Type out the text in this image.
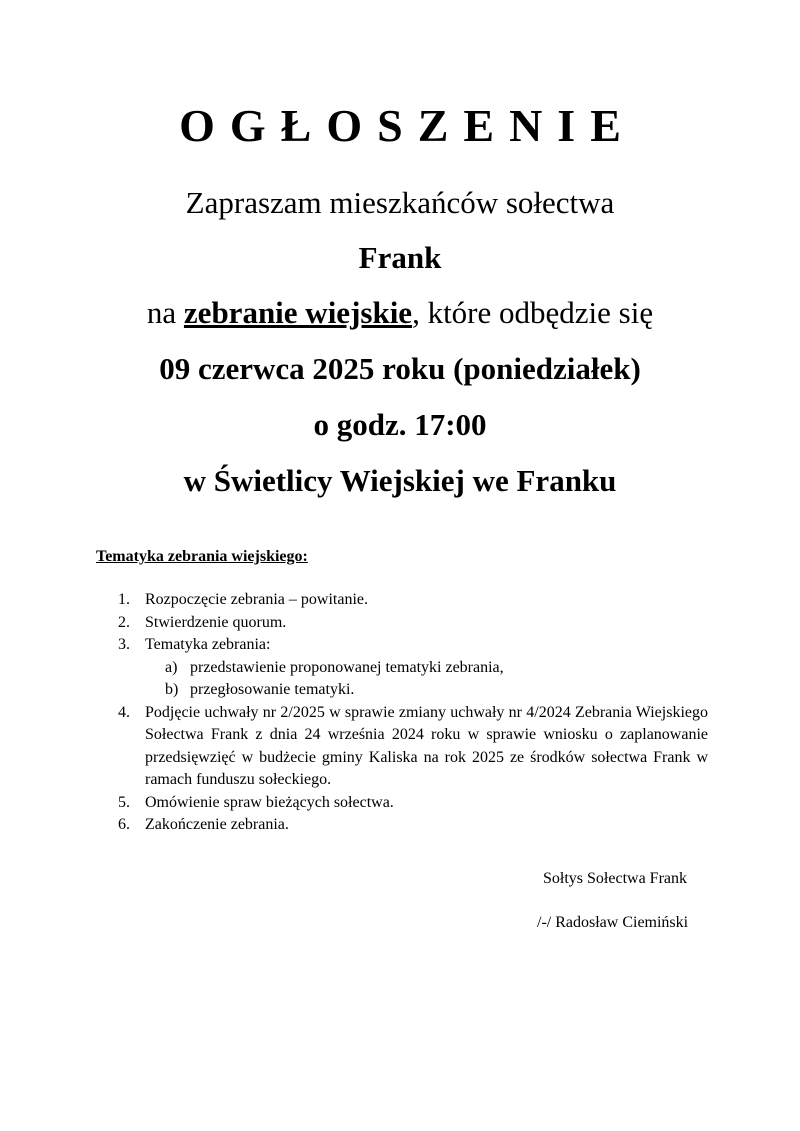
OGŁOSZENIE

Zapraszam mieszkańców sołectwa

Frank

na zebranie wiejskie, które odbędzie się

09 czerwca 2025 roku (poniedziałek)

o godz. 17:00

w Świetlicy Wiejskiej we Franku

Tematyka zebrania wiejskiego:

1. Rozpoczęcie zebrania – powitanie.
2. Stwierdzenie quorum.
3. Tematyka zebrania:
a) przedstawienie proponowanej tematyki zebrania,
b) przegłosowanie tematyki.
4. Podjęcie uchwały nr 2/2025 w sprawie zmiany uchwały nr 4/2024 Zebrania Wiejskiego Sołectwa Frank z dnia 24 września 2024 roku w sprawie wniosku o zaplanowanie przedsięwzięć w budżecie gminy Kaliska na rok 2025 ze środków sołectwa Frank w ramach funduszu sołeckiego.
5. Omówienie spraw bieżących sołectwa.
6. Zakończenie zebrania.

Sołtys Sołectwa Frank

/-/ Radosław Ciemiński
